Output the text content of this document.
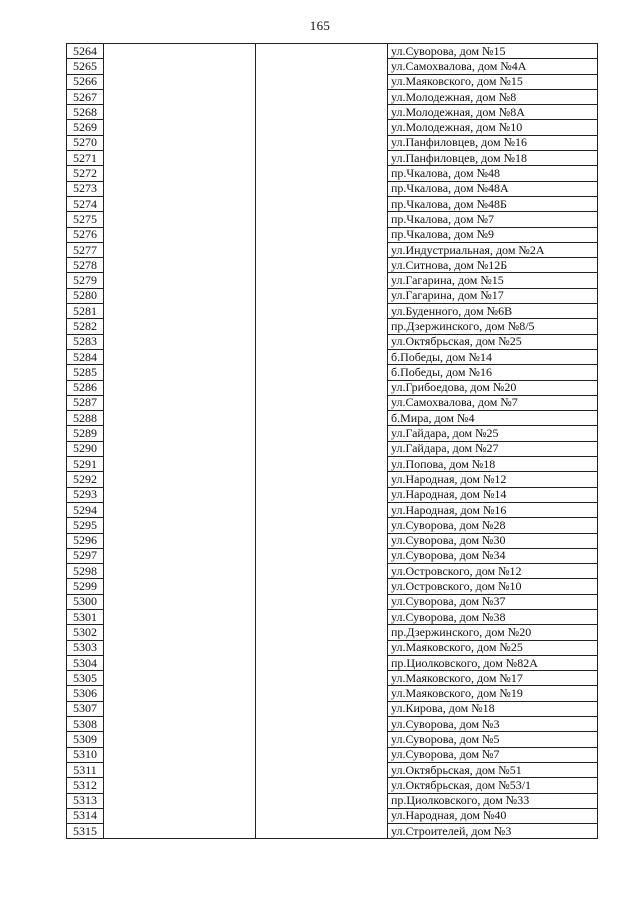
165
5264			ул.Суворова, дом №15
5265			ул.Самохвалова, дом №4А
5266			ул.Маяковского, дом №15
5267			ул.Молодежная, дом №8
5268			ул.Молодежная, дом №8А
5269			ул.Молодежная, дом №10
5270			ул.Панфиловцев, дом №16
5271			ул.Панфиловцев, дом №18
5272			пр.Чкалова, дом №48
5273			пр.Чкалова, дом №48А
5274			пр.Чкалова, дом №48Б
5275			пр.Чкалова, дом №7
5276			пр.Чкалова, дом №9
5277			ул.Индустриальная, дом №2А
5278			ул.Ситнова, дом №12Б
5279			ул.Гагарина, дом №15
5280			ул.Гагарина, дом №17
5281			ул.Буденного, дом №6В
5282			пр.Дзержинского, дом №8/5
5283			ул.Октябрьская, дом №25
5284			б.Победы, дом №14
5285			б.Победы, дом №16
5286			ул.Грибоедова, дом №20
5287			ул.Самохвалова, дом №7
5288			б.Мира, дом №4
5289			ул.Гайдара, дом №25
5290			ул.Гайдара, дом №27
5291			ул.Попова, дом №18
5292			ул.Народная, дом №12
5293			ул.Народная, дом №14
5294			ул.Народная, дом №16
5295			ул.Суворова, дом №28
5296			ул.Суворова, дом №30
5297			ул.Суворова, дом №34
5298			ул.Островского, дом №12
5299			ул.Островского, дом №10
5300			ул.Суворова, дом №37
5301			ул.Суворова, дом №38
5302			пр.Дзержинского, дом №20
5303			ул.Маяковского, дом №25
5304			пр.Циолковского, дом №82А
5305			ул.Маяковского, дом №17
5306			ул.Маяковского, дом №19
5307			ул.Кирова, дом №18
5308			ул.Суворова, дом №3
5309			ул.Суворова, дом №5
5310			ул.Суворова, дом №7
5311			ул.Октябрьская, дом №51
5312			ул.Октябрьская, дом №53/1
5313			пр.Циолковского, дом №33
5314			ул.Народная, дом №40
5315			ул.Строителей, дом №3
